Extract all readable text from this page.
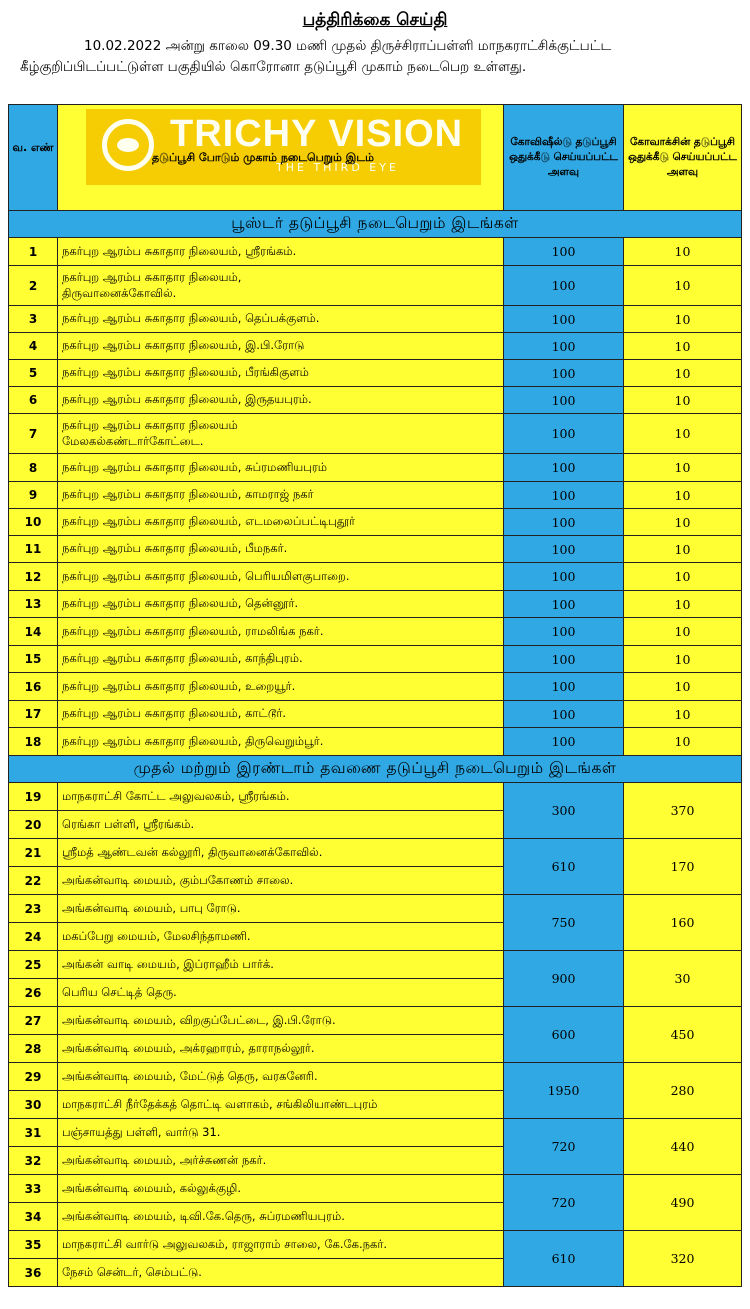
பத்திரிக்கை செய்தி
10.02.2022 அன்று காலை 09.30 மணி முதல் திருச்சிராப்பள்ளி மாநகராட்சிக்குட்பட்ட
கீழ்குறிப்பிடப்பட்டுள்ள பகுதியில் கொரோனா தடுப்பூசி முகாம் நடைபெற உள்ளது.
வ. எண்	TRICHY VISION
THE THIRD EYE
தடுப்பூசி போடும் முகாம் நடைபெறும் இடம்	கோவிஷீல்டு தடுப்பூசி ஒதுக்கீடு செய்யப்பட்ட அளவு	கோவாக்சின் தடுப்பூசி ஒதுக்கீடு செய்யப்பட்ட அளவு
பூஸ்டர் தடுப்பூசி நடைபெறும் இடங்கள்			
1	நகர்புற ஆரம்ப சுகாதார நிலையம், ஸ்ரீரங்கம்.	100	10
2	நகர்புற ஆரம்ப சுகாதார நிலையம்,
திருவானைக்கோவில்.	100	10
3	நகர்புற ஆரம்ப சுகாதார நிலையம், தெப்பக்குளம்.	100	10
4	நகர்புற ஆரம்ப சுகாதார நிலையம், இ.பி.ரோடு	100	10
5	நகர்புற ஆரம்ப சுகாதார நிலையம், பீரங்கிகுளம்	100	10
6	நகர்புற ஆரம்ப சுகாதார நிலையம், இருதயபுரம்.	100	10
7	நகர்புற ஆரம்ப சுகாதார நிலையம்
மேலகல்கண்டார்கோட்டை.	100	10
8	நகர்புற ஆரம்ப சுகாதார நிலையம், சுப்ரமணியபுரம்	100	10
9	நகர்புற ஆரம்ப சுகாதார நிலையம், காமராஜ் நகர்	100	10
10	நகர்புற ஆரம்ப சுகாதார நிலையம், எடமலைப்பட்டிபுதூர்	100	10
11	நகர்புற ஆரம்ப சுகாதார நிலையம், பீமநகர்.	100	10
12	நகர்புற ஆரம்ப சுகாதார நிலையம், பெரியமிளகுபாறை.	100	10
13	நகர்புற ஆரம்ப சுகாதார நிலையம், தென்னூர்.	100	10
14	நகர்புற ஆரம்ப சுகாதார நிலையம், ராமலிங்க நகர்.	100	10
15	நகர்புற ஆரம்ப சுகாதார நிலையம், காந்திபுரம்.	100	10
16	நகர்புற ஆரம்ப சுகாதார நிலையம், உறையூர்.	100	10
17	நகர்புற ஆரம்ப சுகாதார நிலையம், காட்டூர்.	100	10
18	நகர்புற ஆரம்ப சுகாதார நிலையம், திருவெறும்பூர்.	100	10
முதல் மற்றும் இரண்டாம் தவணை தடுப்பூசி நடைபெறும் இடங்கள்			
19	மாநகராட்சி கோட்ட அலுவலகம், ஸ்ரீரங்கம்.	300	370
20	ரெங்கா பள்ளி, ஸ்ரீரங்கம்.		
21	ஸ்ரீமத் ஆண்டவன் கல்லூரி, திருவானைக்கோவில்.	610	170
22	அங்கன்வாடி மையம், கும்பகோணம் சாலை.		
23	அங்கன்வாடி மையம், பாபு ரோடு.	750	160
24	மகப்பேறு மையம், மேலசிந்தாமணி.		
25	அங்கன் வாடி மையம், இப்ராஹீம் பார்க்.	900	30
26	பெரிய செட்டித் தெரு.		
27	அங்கன்வாடி மையம், விறகுப்பேட்டை, இ.பி.ரோடு.	600	450
28	அங்கன்வாடி மையம், அக்ரஹாரம், தாராநல்லூர்.		
29	அங்கன்வாடி மையம், மேட்டுத் தெரு, வரகனேரி.	1950	280
30	மாநகராட்சி நீர்தேக்கத் தொட்டி வளாகம், சங்கிலியாண்டபுரம்		
31	பஞ்சாயத்து பள்ளி, வார்டு 31.	720	440
32	அங்கன்வாடி மையம், அர்ச்சுணன் நகர்.		
33	அங்கன்வாடி மையம், கல்லுக்குழி.	720	490
34	அங்கன்வாடி மையம், டிவி.கே.தெரு, சுப்ரமணியபுரம்.		
35	மாநகராட்சி வார்டு அலுவலகம், ராஜாராம் சாலை, கே.கே.நகர்.	610	320
36	நேசம் சென்டர், செம்பட்டு.		
